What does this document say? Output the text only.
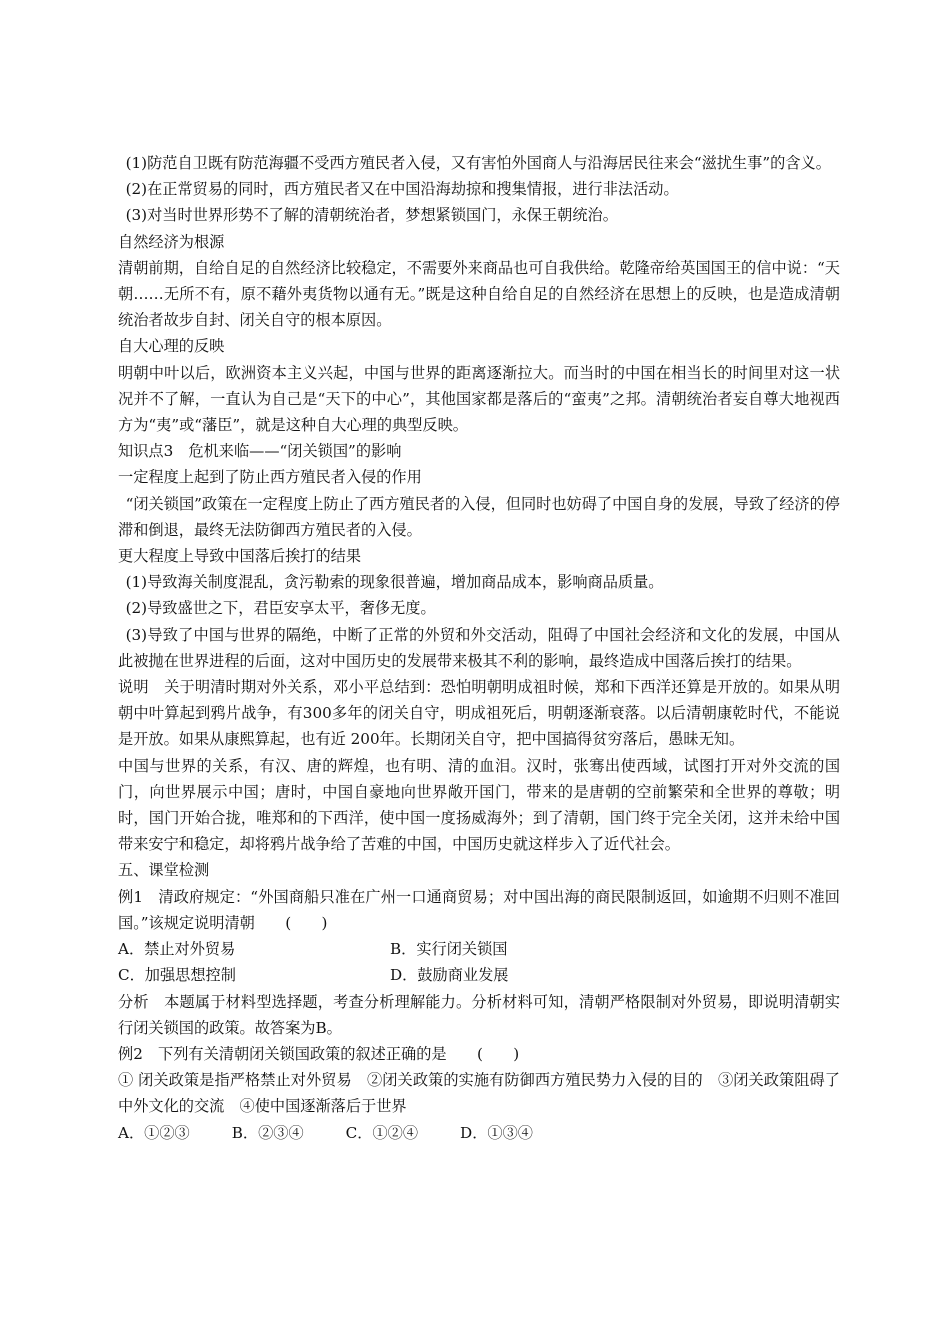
(1)防范自卫既有防范海疆不受西方殖民者入侵，又有害怕外国商人与沿海居民往来会“滋扰生事”的含义。

(2)在正常贸易的同时，西方殖民者又在中国沿海劫掠和搜集情报，进行非法活动。

(3)对当时世界形势不了解的清朝统治者，梦想紧锁国门，永保王朝统治。

自然经济为根源

清朝前期，自给自足的自然经济比较稳定，不需要外来商品也可自我供给。乾隆帝给英国国王的信中说：“天朝……无所不有，原不藉外夷货物以通有无。”既是这种自给自足的自然经济在思想上的反映，也是造成清朝统治者故步自封、闭关自守的根本原因。

自大心理的反映

明朝中叶以后，欧洲资本主义兴起，中国与世界的距离逐渐拉大。而当时的中国在相当长的时间里对这一状况并不了解，一直认为自己是“天下的中心”，其他国家都是落后的“蛮夷”之邦。清朝统治者妄自尊大地视西方为“夷”或“藩臣”，就是这种自大心理的典型反映。

知识点3　危机来临——“闭关锁国”的影响

一定程度上起到了防止西方殖民者入侵的作用

“闭关锁国”政策在一定程度上防止了西方殖民者的入侵，但同时也妨碍了中国自身的发展，导致了经济的停滞和倒退，最终无法防御西方殖民者的入侵。

更大程度上导致中国落后挨打的结果

(1)导致海关制度混乱，贪污勒索的现象很普遍，增加商品成本，影响商品质量。

(2)导致盛世之下，君臣安享太平，奢侈无度。

(3)导致了中国与世界的隔绝，中断了正常的外贸和外交活动，阻碍了中国社会经济和文化的发展，中国从此被抛在世界进程的后面，这对中国历史的发展带来极其不利的影响，最终造成中国落后挨打的结果。

说明　关于明清时期对外关系，邓小平总结到：恐怕明朝明成祖时候，郑和下西洋还算是开放的。如果从明朝中叶算起到鸦片战争，有300多年的闭关自守，明成祖死后，明朝逐渐衰落。以后清朝康乾时代，不能说是开放。如果从康熙算起，也有近 200年。长期闭关自守，把中国搞得贫穷落后，愚昧无知。

中国与世界的关系，有汉、唐的辉煌，也有明、清的血泪。汉时，张骞出使西域，试图打开对外交流的国门，向世界展示中国；唐时，中国自豪地向世界敞开国门，带来的是唐朝的空前繁荣和全世界的尊敬；明时，国门开始合拢，唯郑和的下西洋，使中国一度扬威海外；到了清朝，国门终于完全关闭，这并未给中国带来安宁和稳定，却将鸦片战争给了苦难的中国，中国历史就这样步入了近代社会。

五、课堂检测

例1　清政府规定：“外国商船只准在广州一口通商贸易；对中国出海的商民限制返回，如逾期不归则不准回国。”该规定说明清朝　　(　　)

A．禁止对外贸易	B．实行闭关锁国
C．加强思想控制	D．鼓励商业发展

分析　本题属于材料型选择题，考查分析理解能力。分析材料可知，清朝严格限制对外贸易，即说明清朝实行闭关锁国的政策。故答案为B。

例2　下列有关清朝闭关锁国政策的叙述正确的是　　(　　)

① 闭关政策是指严格禁止对外贸易　②闭关政策的实施有防御西方殖民势力入侵的目的　③闭关政策阻碍了中外文化的交流　④使中国逐渐落后于世界

A．①②③	B．②③④	C．①②④	D．①③④
